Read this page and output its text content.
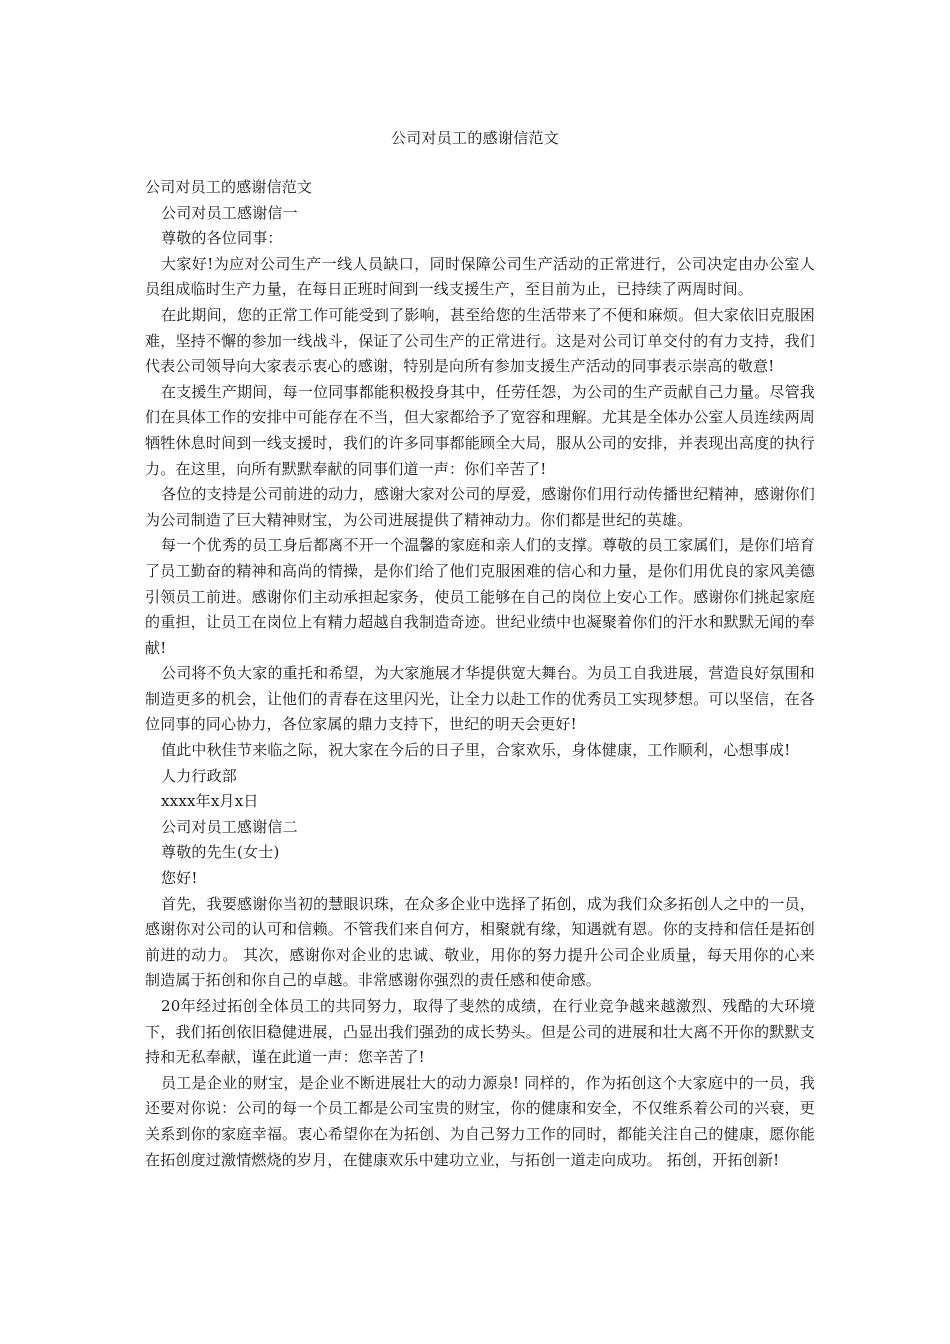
公司对员工的感谢信范文

公司对员工的感谢信范文

公司对员工感谢信一

尊敬的各位同事：

大家好!为应对公司生产一线人员缺口，同时保障公司生产活动的正常进行，公司决定由办公室人员组成临时生产力量，在每日正班时间到一线支援生产，至目前为止，已持续了两周时间。

在此期间，您的正常工作可能受到了影响，甚至给您的生活带来了不便和麻烦。但大家依旧克服困难，坚持不懈的参加一线战斗，保证了公司生产的正常进行。这是对公司订单交付的有力支持，我们代表公司领导向大家表示衷心的感谢，特别是向所有参加支援生产活动的同事表示崇高的敬意!

在支援生产期间，每一位同事都能积极投身其中，任劳任怨，为公司的生产贡献自己力量。尽管我们在具体工作的安排中可能存在不当，但大家都给予了宽容和理解。尤其是全体办公室人员连续两周牺牲休息时间到一线支援时，我们的许多同事都能顾全大局，服从公司的安排，并表现出高度的执行力。在这里，向所有默默奉献的同事们道一声：你们辛苦了!

各位的支持是公司前进的动力，感谢大家对公司的厚爱，感谢你们用行动传播世纪精神，感谢你们为公司制造了巨大精神财宝，为公司进展提供了精神动力。你们都是世纪的英雄。

每一个优秀的员工身后都离不开一个温馨的家庭和亲人们的支撑。尊敬的员工家属们，是你们培育了员工勤奋的精神和高尚的情操，是你们给了他们克服困难的信心和力量，是你们用优良的家风美德引领员工前进。感谢你们主动承担起家务，使员工能够在自己的岗位上安心工作。感谢你们挑起家庭的重担，让员工在岗位上有精力超越自我制造奇迹。世纪业绩中也凝聚着你们的汗水和默默无闻的奉献!

公司将不负大家的重托和希望，为大家施展才华提供宽大舞台。为员工自我进展，营造良好氛围和制造更多的机会，让他们的青春在这里闪光，让全力以赴工作的优秀员工实现梦想。可以坚信，在各位同事的同心协力，各位家属的鼎力支持下，世纪的明天会更好!

值此中秋佳节来临之际，祝大家在今后的日子里，合家欢乐，身体健康，工作顺利，心想事成!

人力行政部

xxxx年x月x日

公司对员工感谢信二

尊敬的先生(女士)

您好!

首先，我要感谢你当初的慧眼识珠，在众多企业中选择了拓创，成为我们众多拓创人之中的一员，感谢你对公司的认可和信赖。不管我们来自何方，相聚就有缘，知遇就有恩。你的支持和信任是拓创前进的动力。 其次，感谢你对企业的忠诚、敬业，用你的努力提升公司企业质量，每天用你的心来制造属于拓创和你自己的卓越。非常感谢你强烈的责任感和使命感。

20年经过拓创全体员工的共同努力，取得了斐然的成绩，在行业竞争越来越激烈、残酷的大环境下，我们拓创依旧稳健进展，凸显出我们强劲的成长势头。但是公司的进展和壮大离不开你的默默支持和无私奉献，谨在此道一声：您辛苦了!

员工是企业的财宝，是企业不断进展壮大的动力源泉! 同样的，作为拓创这个大家庭中的一员，我还要对你说：公司的每一个员工都是公司宝贵的财宝，你的健康和安全，不仅维系着公司的兴衰，更关系到你的家庭幸福。衷心希望你在为拓创、为自己努力工作的同时，都能关注自己的健康，愿你能在拓创度过激情燃烧的岁月，在健康欢乐中建功立业，与拓创一道走向成功。 拓创，开拓创新!
